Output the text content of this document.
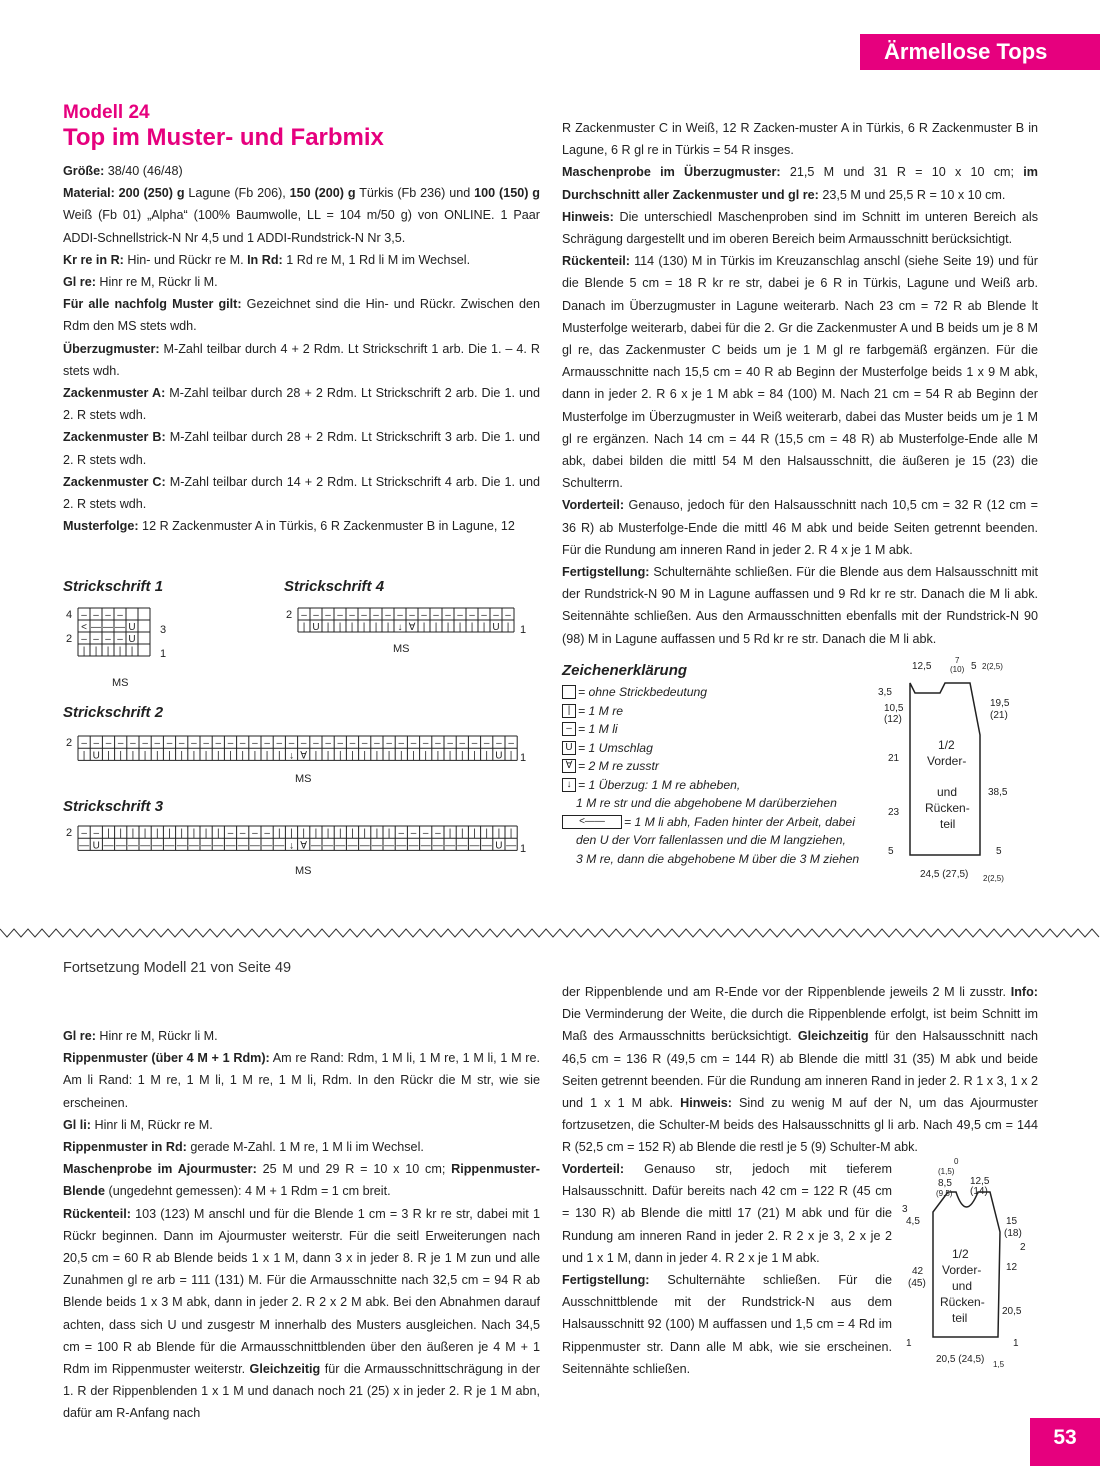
Ärmellose Tops
Modell 24
Top im Muster- und Farbmix

Größe: 38/40 (46/48)

Material: 200 (250) g Lagune (Fb 206), 150 (200) g Türkis (Fb 236) und 100 (150) g Weiß (Fb 01) „Alpha“ (100% Baumwolle, LL = 104 m/50 g) von ONLINE. 1 Paar ADDI-Schnellstrick-N Nr 4,5 und 1 ADDI-Rundstrick-N Nr 3,5.

Kr re in R: Hin- und Rückr re M. In Rd: 1 Rd re M, 1 Rd li M im Wechsel.

Gl re: Hinr re M, Rückr li M.

Für alle nachfolg Muster gilt: Gezeichnet sind die Hin- und Rückr. Zwischen den Rdm den MS stets wdh.

Überzugmuster: M-Zahl teilbar durch 4 + 2 Rdm. Lt Strickschrift 1 arb. Die 1. – 4. R stets wdh.

Zackenmuster A: M-Zahl teilbar durch 28 + 2 Rdm. Lt Strickschrift 2 arb. Die 1. und 2. R stets wdh.

Zackenmuster B: M-Zahl teilbar durch 28 + 2 Rdm. Lt Strickschrift 3 arb. Die 1. und 2. R stets wdh.

Zackenmuster C: M-Zahl teilbar durch 14 + 2 Rdm. Lt Strickschrift 4 arb. Die 1. und 2. R stets wdh.

Musterfolge: 12 R Zackenmuster A in Türkis, 6 R Zackenmuster B in Lagune, 12

R Zackenmuster C in Weiß, 12 R Zacken-muster A in Türkis, 6 R Zackenmuster B in Lagune, 6 R gl re in Türkis = 54 R insges.

Maschenprobe im Überzugmuster: 21,5 M und 31 R = 10 x 10 cm; im Durchschnitt aller Zackenmuster und gl re: 23,5 M und 25,5 R = 10 x 10 cm.

Hinweis: Die unterschiedl Maschenproben sind im Schnitt im unteren Bereich als Schrägung dargestellt und im oberen Bereich beim Armausschnitt berücksichtigt.

Rückenteil: 114 (130) M in Türkis im Kreuzanschlag anschl (siehe Seite 19) und für die Blende 5 cm = 18 R kr re str, dabei je 6 R in Türkis, Lagune und Weiß arb. Danach im Überzugmuster in Lagune weiterarb. Nach 23 cm = 72 R ab Blende lt Musterfolge weiterarb, dabei für die 2. Gr die Zackenmuster A und B beids um je 8 M gl re, das Zackenmuster C beids um je 1 M gl re farbgemäß ergänzen. Für die Armausschnitte nach 15,5 cm = 40 R ab Beginn der Musterfolge beids 1 x 9 M abk, dann in jeder 2. R 6 x je 1 M abk = 84 (100) M. Nach 21 cm = 54 R ab Beginn der Musterfolge im Überzugmuster in Weiß weiterarb, dabei das Muster beids um je 1 M gl re ergänzen. Nach 14 cm = 44 R (15,5 cm = 48 R) ab Musterfolge-Ende alle M abk, dabei bilden die mittl 54 M den Halsausschnitt, die äußeren je 15 (23) die Schulterrn.

Vorderteil: Genauso, jedoch für den Halsausschnitt nach 10,5 cm = 32 R (12 cm = 36 R) ab Musterfolge-Ende die mittl 46 M abk und beide Seiten getrennt beenden. Für die Rundung am inneren Rand in jeder 2. R 4 x je 1 M abk.

Fertigstellung: Schulternähte schließen. Für die Blende aus dem Halsausschnitt mit der Rundstrick-N 90 M in Lagune auffassen und 9 Rd kr re str. Danach die M li abk. Seitennähte schließen. Aus den Armausschnitten ebenfalls mit der Rundstrick-N 90 (98) M in Lagune auffassen und 5 Rd kr re str. Danach die M li abk.

Strickschrift 1	Strickschrift 4
Strickschrift 2
Strickschrift 3
– – – –
< — — — U
– – – – U
| | | | |
4
2
3
1
MS
– – – – – – – – – – – – – – – – – –
| U | | | | | | ↓ ∀ | | | | | | U |
2
1
MS
– – – – – – – – – – – – – – – – – – – – – – – – – – – – – – – – – – – –
| U | | | | | | | | | | | | | | | ↓ ∀ | | | | | | | | | | | | | | | U |
2
1
MS
– – | | | | | | | | | | – – – – | | | | | | | | | | – – – – | | | | | |
— U — — — — — — — — — — — — — — — ↓ ∀ — — — — — — — — — — — — — — — U —
2
1
MS
Zeichenerklärung
= ohne Strickbedeutung
| = 1 M re
– = 1 M li
U = 1 Umschlag
∀ = 2 M re zusstr
↓ = 1 Überzug: 1 M re abheben,
1 M re str und die abgehobene M darüberziehen
<——	= 1 M li abh, Faden hinter der Arbeit, dabei
den U der Vorr fallenlassen und die M langziehen,
3 M re, dann die abgehobene M über die 3 M ziehen
12,5
7
(10) 5 2(2,5)
3,5
10,5
(12)
21
23
5
19,5
(21)
38,5
5
1/2
Vorder-
und
Rücken-
teil
24,5 (27,5) 2(2,5)
Fortsetzung Modell 21 von Seite 49

Gl re: Hinr re M, Rückr li M.

Rippenmuster (über 4 M + 1 Rdm): Am re Rand: Rdm, 1 M li, 1 M re, 1 M li, 1 M re. Am li Rand: 1 M re, 1 M li, 1 M re, 1 M li, Rdm. In den Rückr die M str, wie sie erscheinen.

Gl li: Hinr li M, Rückr re M.

Rippenmuster in Rd: gerade M-Zahl. 1 M re, 1 M li im Wechsel.

Maschenprobe im Ajourmuster: 25 M und 29 R = 10 x 10 cm; Rippenmuster-Blende (ungedehnt gemessen): 4 M + 1 Rdm = 1 cm breit.

Rückenteil: 103 (123) M anschl und für die Blende 1 cm = 3 R kr re str, dabei mit 1 Rückr beginnen. Dann im Ajourmuster weiterstr. Für die seitl Erweiterungen nach 20,5 cm = 60 R ab Blende beids 1 x 1 M, dann 3 x in jeder 8. R je 1 M zun und alle Zunahmen gl re arb = 111 (131) M. Für die Armausschnitte nach 32,5 cm = 94 R ab Blende beids 1 x 3 M abk, dann in jeder 2. R 2 x 2 M abk. Bei den Abnahmen darauf achten, dass sich U und zusgestr M innerhalb des Musters ausgleichen. Nach 34,5 cm = 100 R ab Blende für die Armausschnittblenden über den äußeren je 4 M + 1 Rdm im Rippenmuster weiterstr. Gleichzeitig für die Armausschnittschrägung in der 1. R der Rippenblenden 1 x 1 M und danach noch 21 (25) x in jeder 2. R je 1 M abn, dafür am R-Anfang nach

der Rippenblende und am R-Ende vor der Rippenblende jeweils 2 M li zusstr. Info: Die Verminderung der Weite, die durch die Rippenblende erfolgt, ist beim Schnitt im Maß des Armausschnitts berücksichtigt. Gleichzeitig für den Halsausschnitt nach 46,5 cm = 136 R (49,5 cm = 144 R) ab Blende die mittl 31 (35) M abk und beide Seiten getrennt beenden. Für die Rundung am inneren Rand in jeder 2. R 1 x 3, 1 x 2 und 1 x 1 M abk. Hinweis: Sind zu wenig M auf der N, um das Ajourmuster fortzusetzen, die Schulter-M beids des Halsausschnitts gl li arb. Nach 49,5 cm = 144 R (52,5 cm = 152 R) ab Blende die restl je 5 (9) Schulter-M abk.

Vorderteil: Genauso str, jedoch mit tieferem Halsausschnitt. Dafür bereits nach 42 cm = 122 R (45 cm = 130 R) ab Blende die mittl 17 (21) M abk und für die Rundung am inneren Rand in jeder 2. R 2 x je 3, 2 x je 2 und 1 x 1 M, dann in jeder 4. R 2 x je 1 M abk.

Fertigstellung: Schulternähte schließen. Für die Ausschnittblende mit der Rundstrick-N aus dem Halsausschnitt 92 (100) M auffassen und 1,5 cm = 4 Rd im Rippenmuster str. Dann alle M abk, wie sie erscheinen. Seitennähte schließen.

0
(1,5)
8,5
(9,5)
12,5
(14)
3
4,5
42
(45)
1
15
(18)
2
12
20,5
1
1/2
Vorder-
und
Rücken-
teil
20,5 (24,5) 1,5
53
